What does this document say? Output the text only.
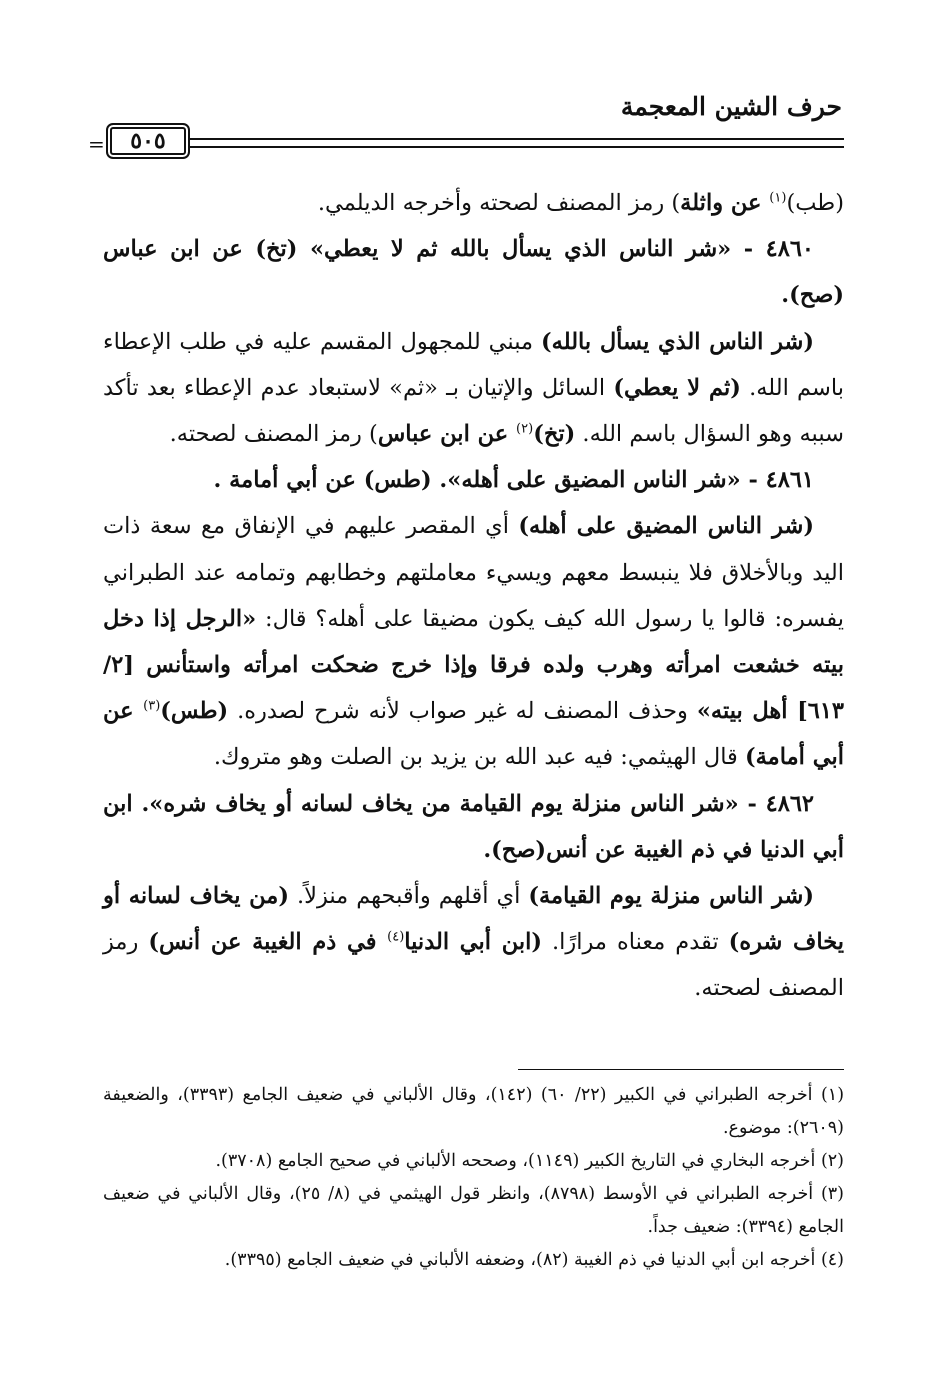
حرف الشين المعجمة
٥٠٥
=

(طب)$^{(١)}$ عن واثلة) رمز المصنف لصحته وأخرجه الديلمي.

٤٨٦٠ - «شر الناس الذي يسأل بالله ثم لا يعطي» (تخ) عن ابن عباس (صح).

(شر الناس الذي يسأل بالله) مبني للمجهول المقسم عليه في طلب الإعطاء باسم الله. (ثم لا يعطي) السائل والإتيان بـ «ثم» لاستبعاد عدم الإعطاء بعد تأكد سببه وهو السؤال باسم الله. (تخ)$^{(٢)}$ عن ابن عباس) رمز المصنف لصحته.

٤٨٦١ - «شر الناس المضيق على أهله». (طس) عن أبي أمامة .

(شر الناس المضيق على أهله) أي المقصر عليهم في الإنفاق مع سعة ذات اليد وبالأخلاق فلا ينبسط معهم ويسيء معاملتهم وخطابهم وتمامه عند الطبراني يفسره: قالوا يا رسول الله كيف يكون مضيقا على أهله؟ قال: «الرجل إذا دخل بيته خشعت امرأته وهرب ولده فرقا وإذا خرج ضحكت امرأته واستأنس [٢/ ٦١٣] أهل بيته» وحذف المصنف له غير صواب لأنه شرح لصدره. (طس)$^{(٣)}$ عن أبي أمامة) قال الهيثمي: فيه عبد الله بن يزيد بن الصلت وهو متروك.

٤٨٦٢ - «شر الناس منزلة يوم القيامة من يخاف لسانه أو يخاف شره». ابن أبي الدنيا في ذم الغيبة عن أنس(صح).

(شر الناس منزلة يوم القيامة) أي أقلهم وأقبحهم منزلاً. (من يخاف لسانه أو يخاف شره) تقدم معناه مرارًا. (ابن أبي الدنيا$^{(٤)}$ في ذم الغيبة عن أنس) رمز المصنف لصحته.

(١) أخرجه الطبراني في الكبير (٢٢/ ٦٠) (١٤٢)، وقال الألباني في ضعيف الجامع (٣٣٩٣)، والضعيفة (٢٦٠٩): موضوع.

(٢) أخرجه البخاري في التاريخ الكبير (١١٤٩)، وصححه الألباني في صحيح الجامع (٣٧٠٨).

(٣) أخرجه الطبراني في الأوسط (٨٧٩٨)، وانظر قول الهيثمي في (٨/ ٢٥)، وقال الألباني في ضعيف الجامع (٣٣٩٤): ضعيف جداً.

(٤) أخرجه ابن أبي الدنيا في ذم الغيبة (٨٢)، وضعفه الألباني في ضعيف الجامع (٣٣٩٥).
